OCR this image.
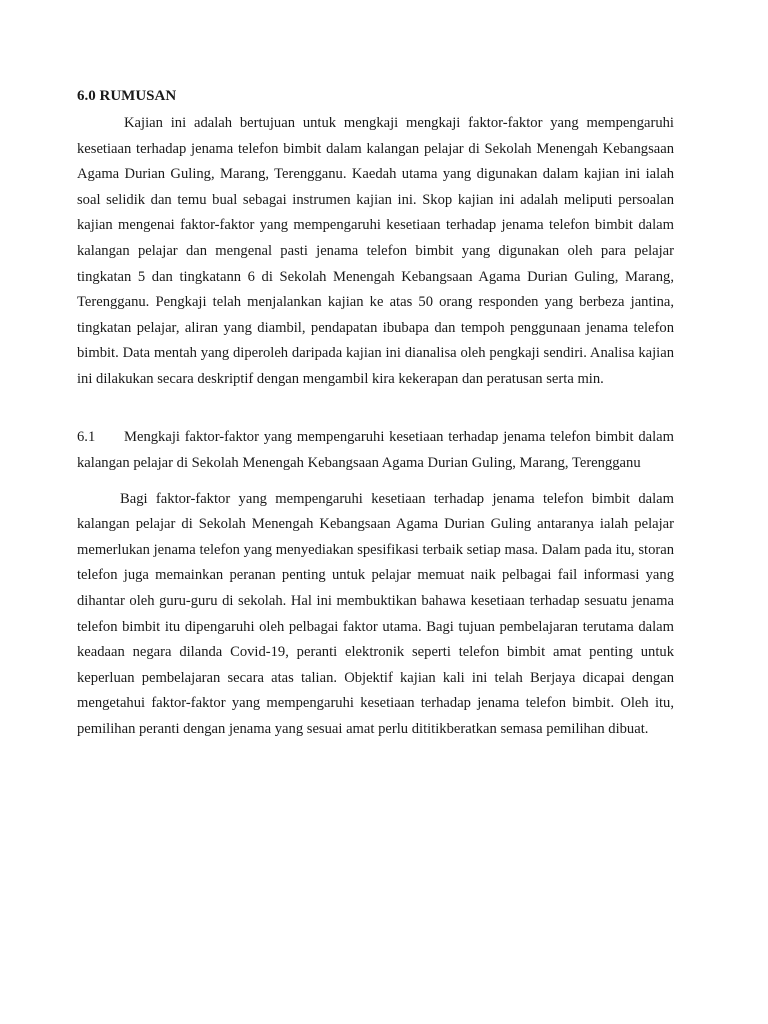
6.0 RUMUSAN

Kajian ini adalah bertujuan untuk mengkaji mengkaji faktor-faktor yang mempengaruhi kesetiaan terhadap jenama telefon bimbit dalam kalangan pelajar di Sekolah Menengah Kebangsaan Agama Durian Guling, Marang, Terengganu. Kaedah utama yang digunakan dalam kajian ini ialah soal selidik dan temu bual sebagai instrumen kajian ini. Skop kajian ini adalah meliputi persoalan kajian mengenai faktor-faktor yang mempengaruhi kesetiaan terhadap jenama telefon bimbit dalam kalangan pelajar dan mengenal pasti jenama telefon bimbit yang digunakan oleh para pelajar tingkatan 5 dan tingkatann 6 di Sekolah Menengah Kebangsaan Agama Durian Guling, Marang, Terengganu. Pengkaji telah menjalankan kajian ke atas 50 orang responden yang berbeza jantina, tingkatan pelajar, aliran yang diambil, pendapatan ibubapa dan tempoh penggunaan jenama telefon bimbit. Data mentah yang diperoleh daripada kajian ini dianalisa oleh pengkaji sendiri. Analisa kajian ini dilakukan secara deskriptif dengan mengambil kira kekerapan dan peratusan serta min.

6.1 Mengkaji faktor-faktor yang mempengaruhi kesetiaan terhadap jenama telefon bimbit dalam kalangan pelajar di Sekolah Menengah Kebangsaan Agama Durian Guling, Marang, Terengganu

Bagi faktor-faktor yang mempengaruhi kesetiaan terhadap jenama telefon bimbit dalam kalangan pelajar di Sekolah Menengah Kebangsaan Agama Durian Guling antaranya ialah pelajar memerlukan jenama telefon yang menyediakan spesifikasi terbaik setiap masa. Dalam pada itu, storan telefon juga memainkan peranan penting untuk pelajar memuat naik pelbagai fail informasi yang dihantar oleh guru-guru di sekolah. Hal ini membuktikan bahawa kesetiaan terhadap sesuatu jenama telefon bimbit itu dipengaruhi oleh pelbagai faktor utama. Bagi tujuan pembelajaran terutama dalam keadaan negara dilanda Covid-19, peranti elektronik seperti telefon bimbit amat penting untuk keperluan pembelajaran secara atas talian. Objektif kajian kali ini telah Berjaya dicapai dengan mengetahui faktor-faktor yang mempengaruhi kesetiaan terhadap jenama telefon bimbit. Oleh itu, pemilihan peranti dengan jenama yang sesuai amat perlu dititikberatkan semasa pemilihan dibuat.
